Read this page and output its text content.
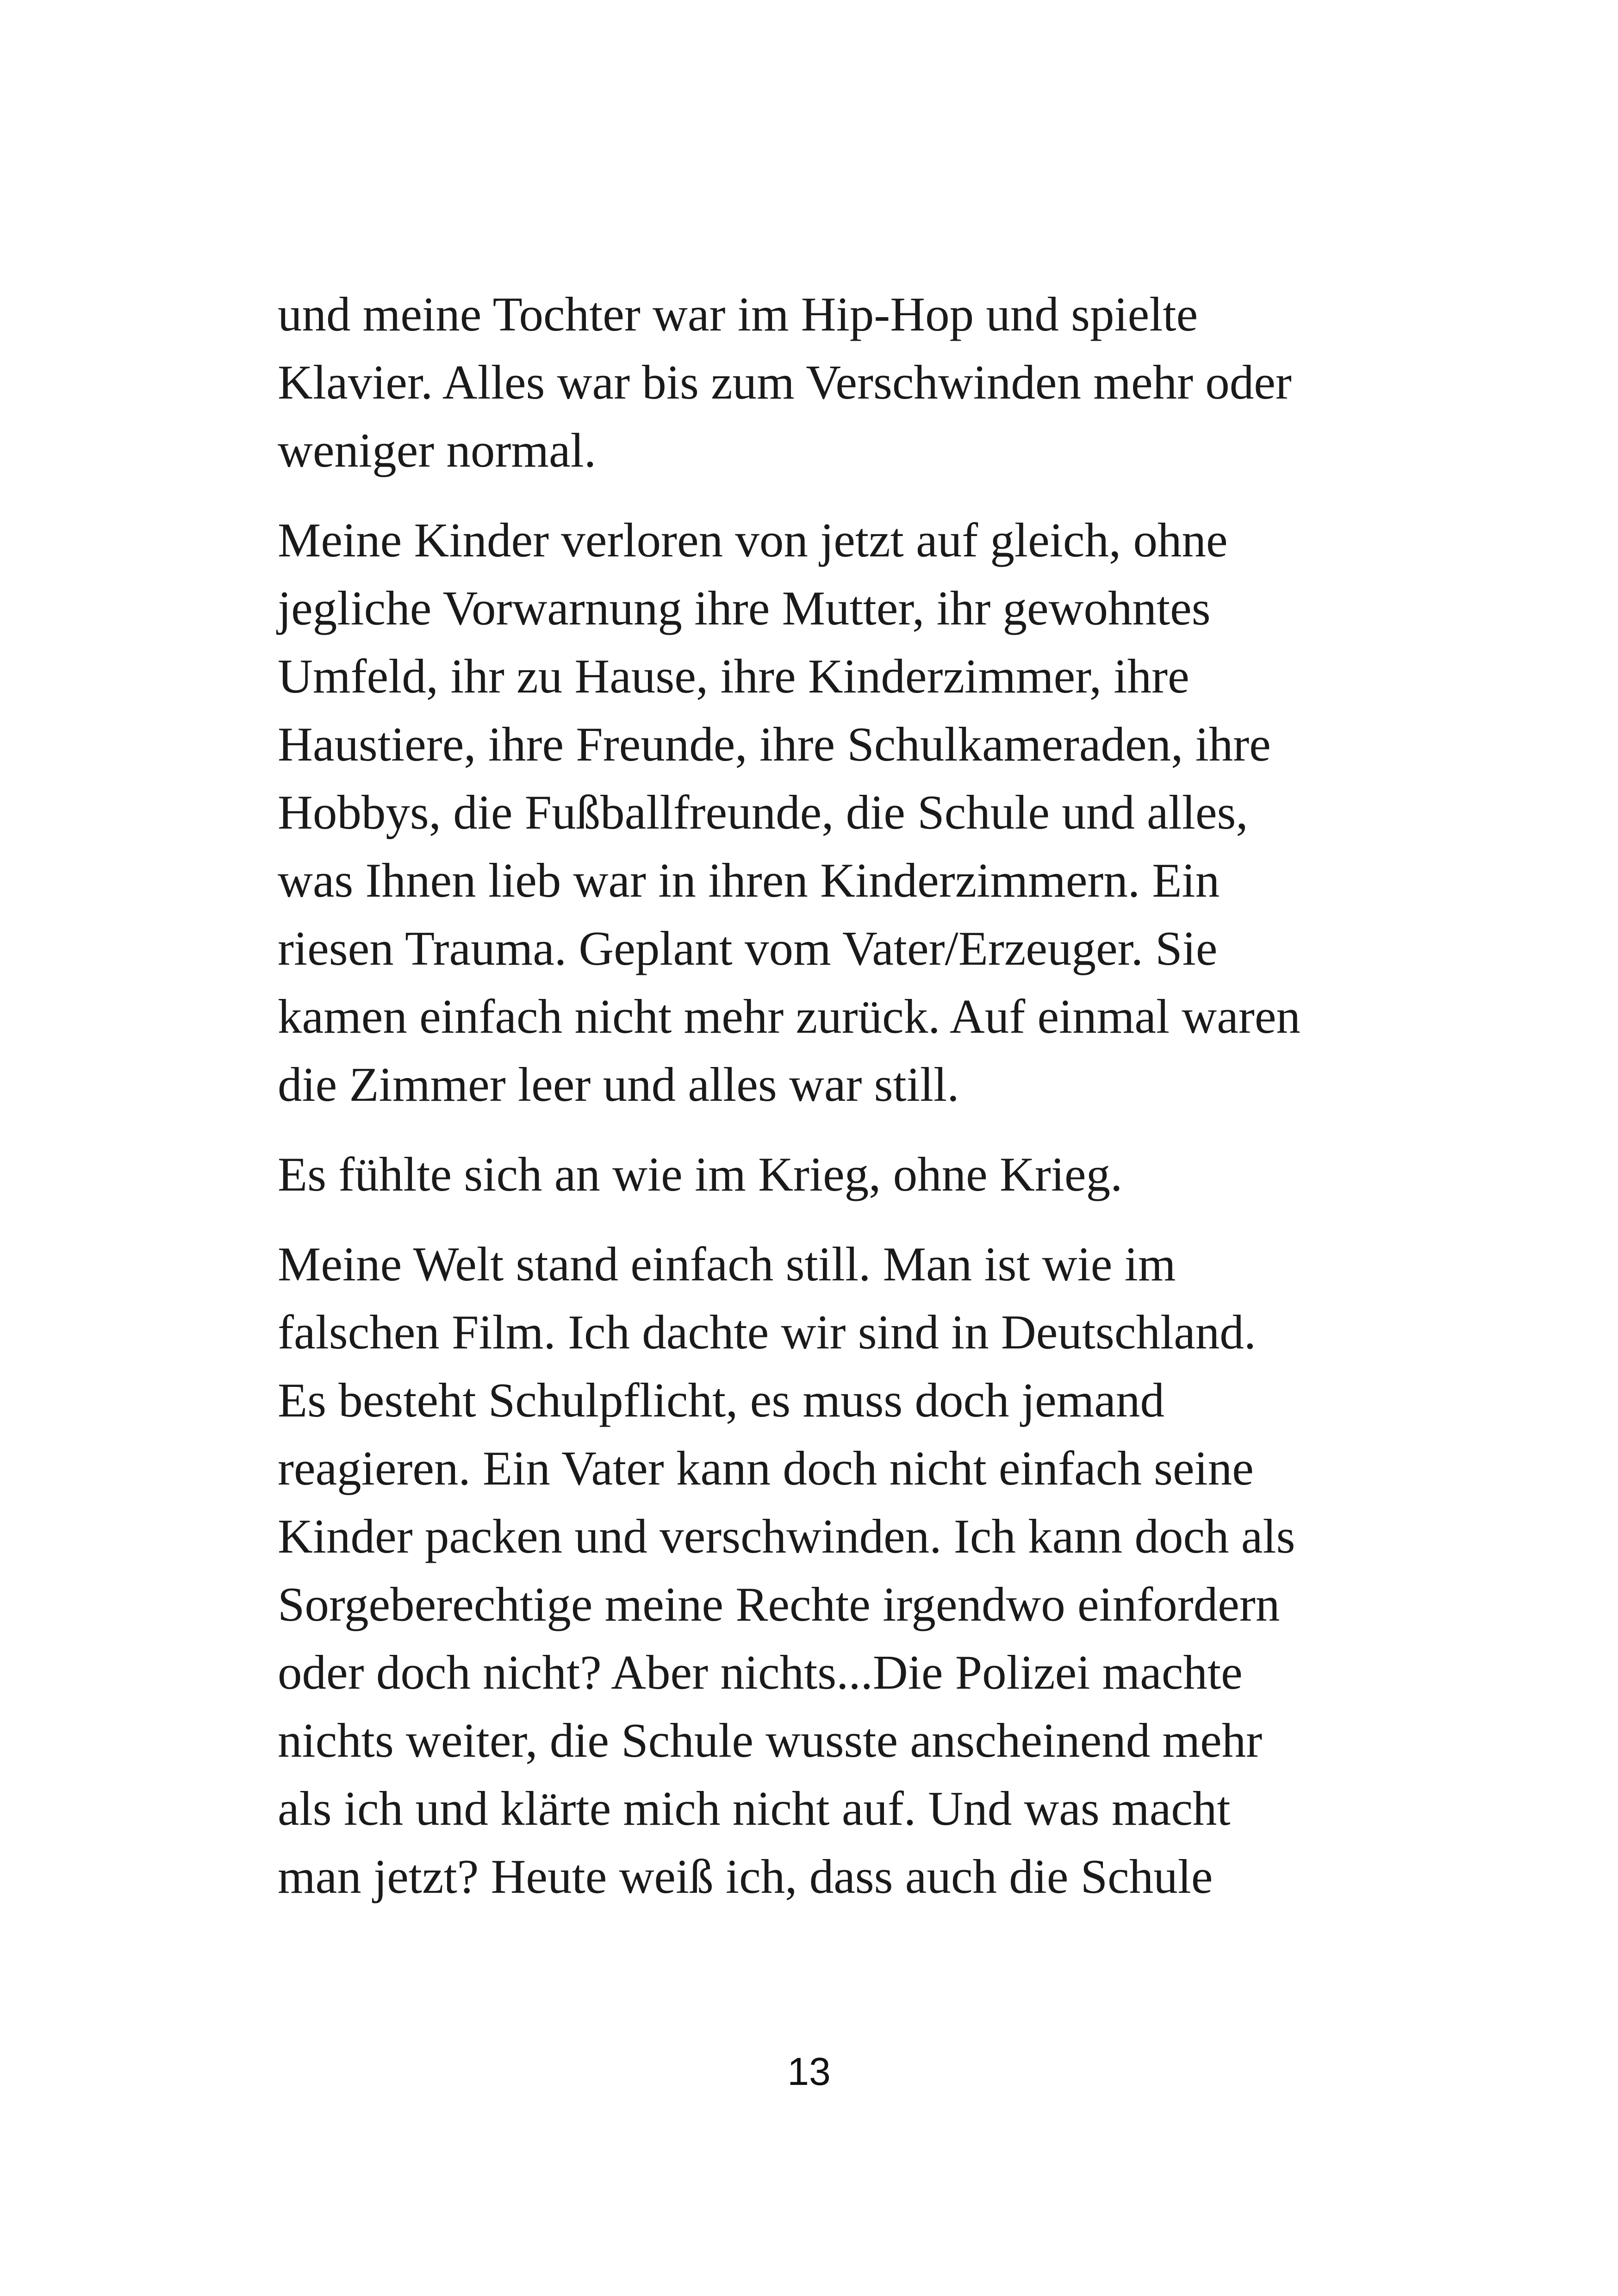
und meine Tochter war im Hip-Hop und spielte
Klavier. Alles war bis zum Verschwinden mehr oder
weniger normal.

Meine Kinder verloren von jetzt auf gleich, ohne
jegliche Vorwarnung ihre Mutter, ihr gewohntes
Umfeld, ihr zu Hause, ihre Kinderzimmer, ihre
Haustiere, ihre Freunde, ihre Schulkameraden, ihre
Hobbys, die Fußballfreunde, die Schule und alles,
was Ihnen lieb war in ihren Kinderzimmern. Ein
riesen Trauma. Geplant vom Vater/Erzeuger. Sie
kamen einfach nicht mehr zurück. Auf einmal waren
die Zimmer leer und alles war still.

Es fühlte sich an wie im Krieg, ohne Krieg.

Meine Welt stand einfach still. Man ist wie im
falschen Film. Ich dachte wir sind in Deutschland.
Es besteht Schulpflicht, es muss doch jemand
reagieren. Ein Vater kann doch nicht einfach seine
Kinder packen und verschwinden. Ich kann doch als
Sorgeberechtige meine Rechte irgendwo einfordern
oder doch nicht? Aber nichts...Die Polizei machte
nichts weiter, die Schule wusste anscheinend mehr
als ich und klärte mich nicht auf. Und was macht
man jetzt? Heute weiß ich, dass auch die Schule

13
